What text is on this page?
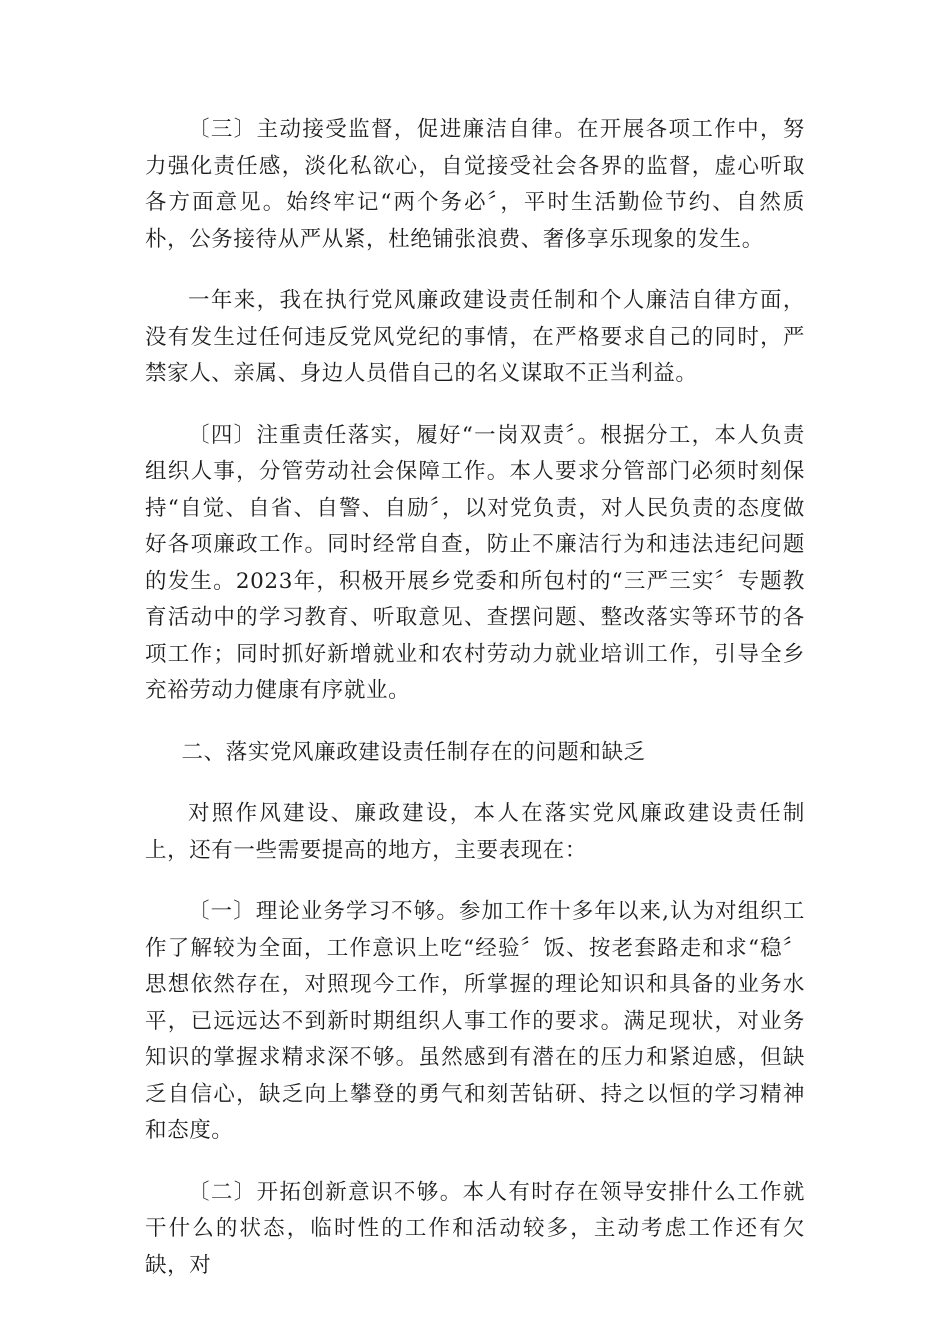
〔三〕主动接受监督，促进廉洁自律。在开展各项工作中，努力强化责任感，淡化私欲心，自觉接受社会各界的监督，虚心听取各方面意见。始终牢记“两个务必〞，平时生活勤俭节约、自然质朴，公务接待从严从紧，杜绝铺张浪费、奢侈享乐现象的发生。

一年来，我在执行党风廉政建设责任制和个人廉洁自律方面，没有发生过任何违反党风党纪的事情，在严格要求自己的同时，严禁家人、亲属、身边人员借自己的名义谋取不正当利益。

〔四〕注重责任落实，履好“一岗双责〞。根据分工，本人负责组织人事，分管劳动社会保障工作。本人要求分管部门必须时刻保持“自觉、自省、自警、自励〞，以对党负责，对人民负责的态度做好各项廉政工作。同时经常自查，防止不廉洁行为和违法违纪问题的发生。2023年，积极开展乡党委和所包村的“三严三实〞专题教育活动中的学习教育、听取意见、查摆问题、整改落实等环节的各项工作；同时抓好新增就业和农村劳动力就业培训工作，引导全乡充裕劳动力健康有序就业。

二、落实党风廉政建设责任制存在的问题和缺乏

对照作风建设、廉政建设，本人在落实党风廉政建设责任制上，还有一些需要提高的地方，主要表现在：

〔一〕理论业务学习不够。参加工作十多年以来,认为对组织工作了解较为全面，工作意识上吃“经验〞饭、按老套路走和求“稳〞思想依然存在，对照现今工作，所掌握的理论知识和具备的业务水平，已远远达不到新时期组织人事工作的要求。满足现状，对业务知识的掌握求精求深不够。虽然感到有潜在的压力和紧迫感，但缺乏自信心，缺乏向上攀登的勇气和刻苦钻研、持之以恒的学习精神和态度。

〔二〕开拓创新意识不够。本人有时存在领导安排什么工作就干什么的状态，临时性的工作和活动较多，主动考虑工作还有欠缺，对
